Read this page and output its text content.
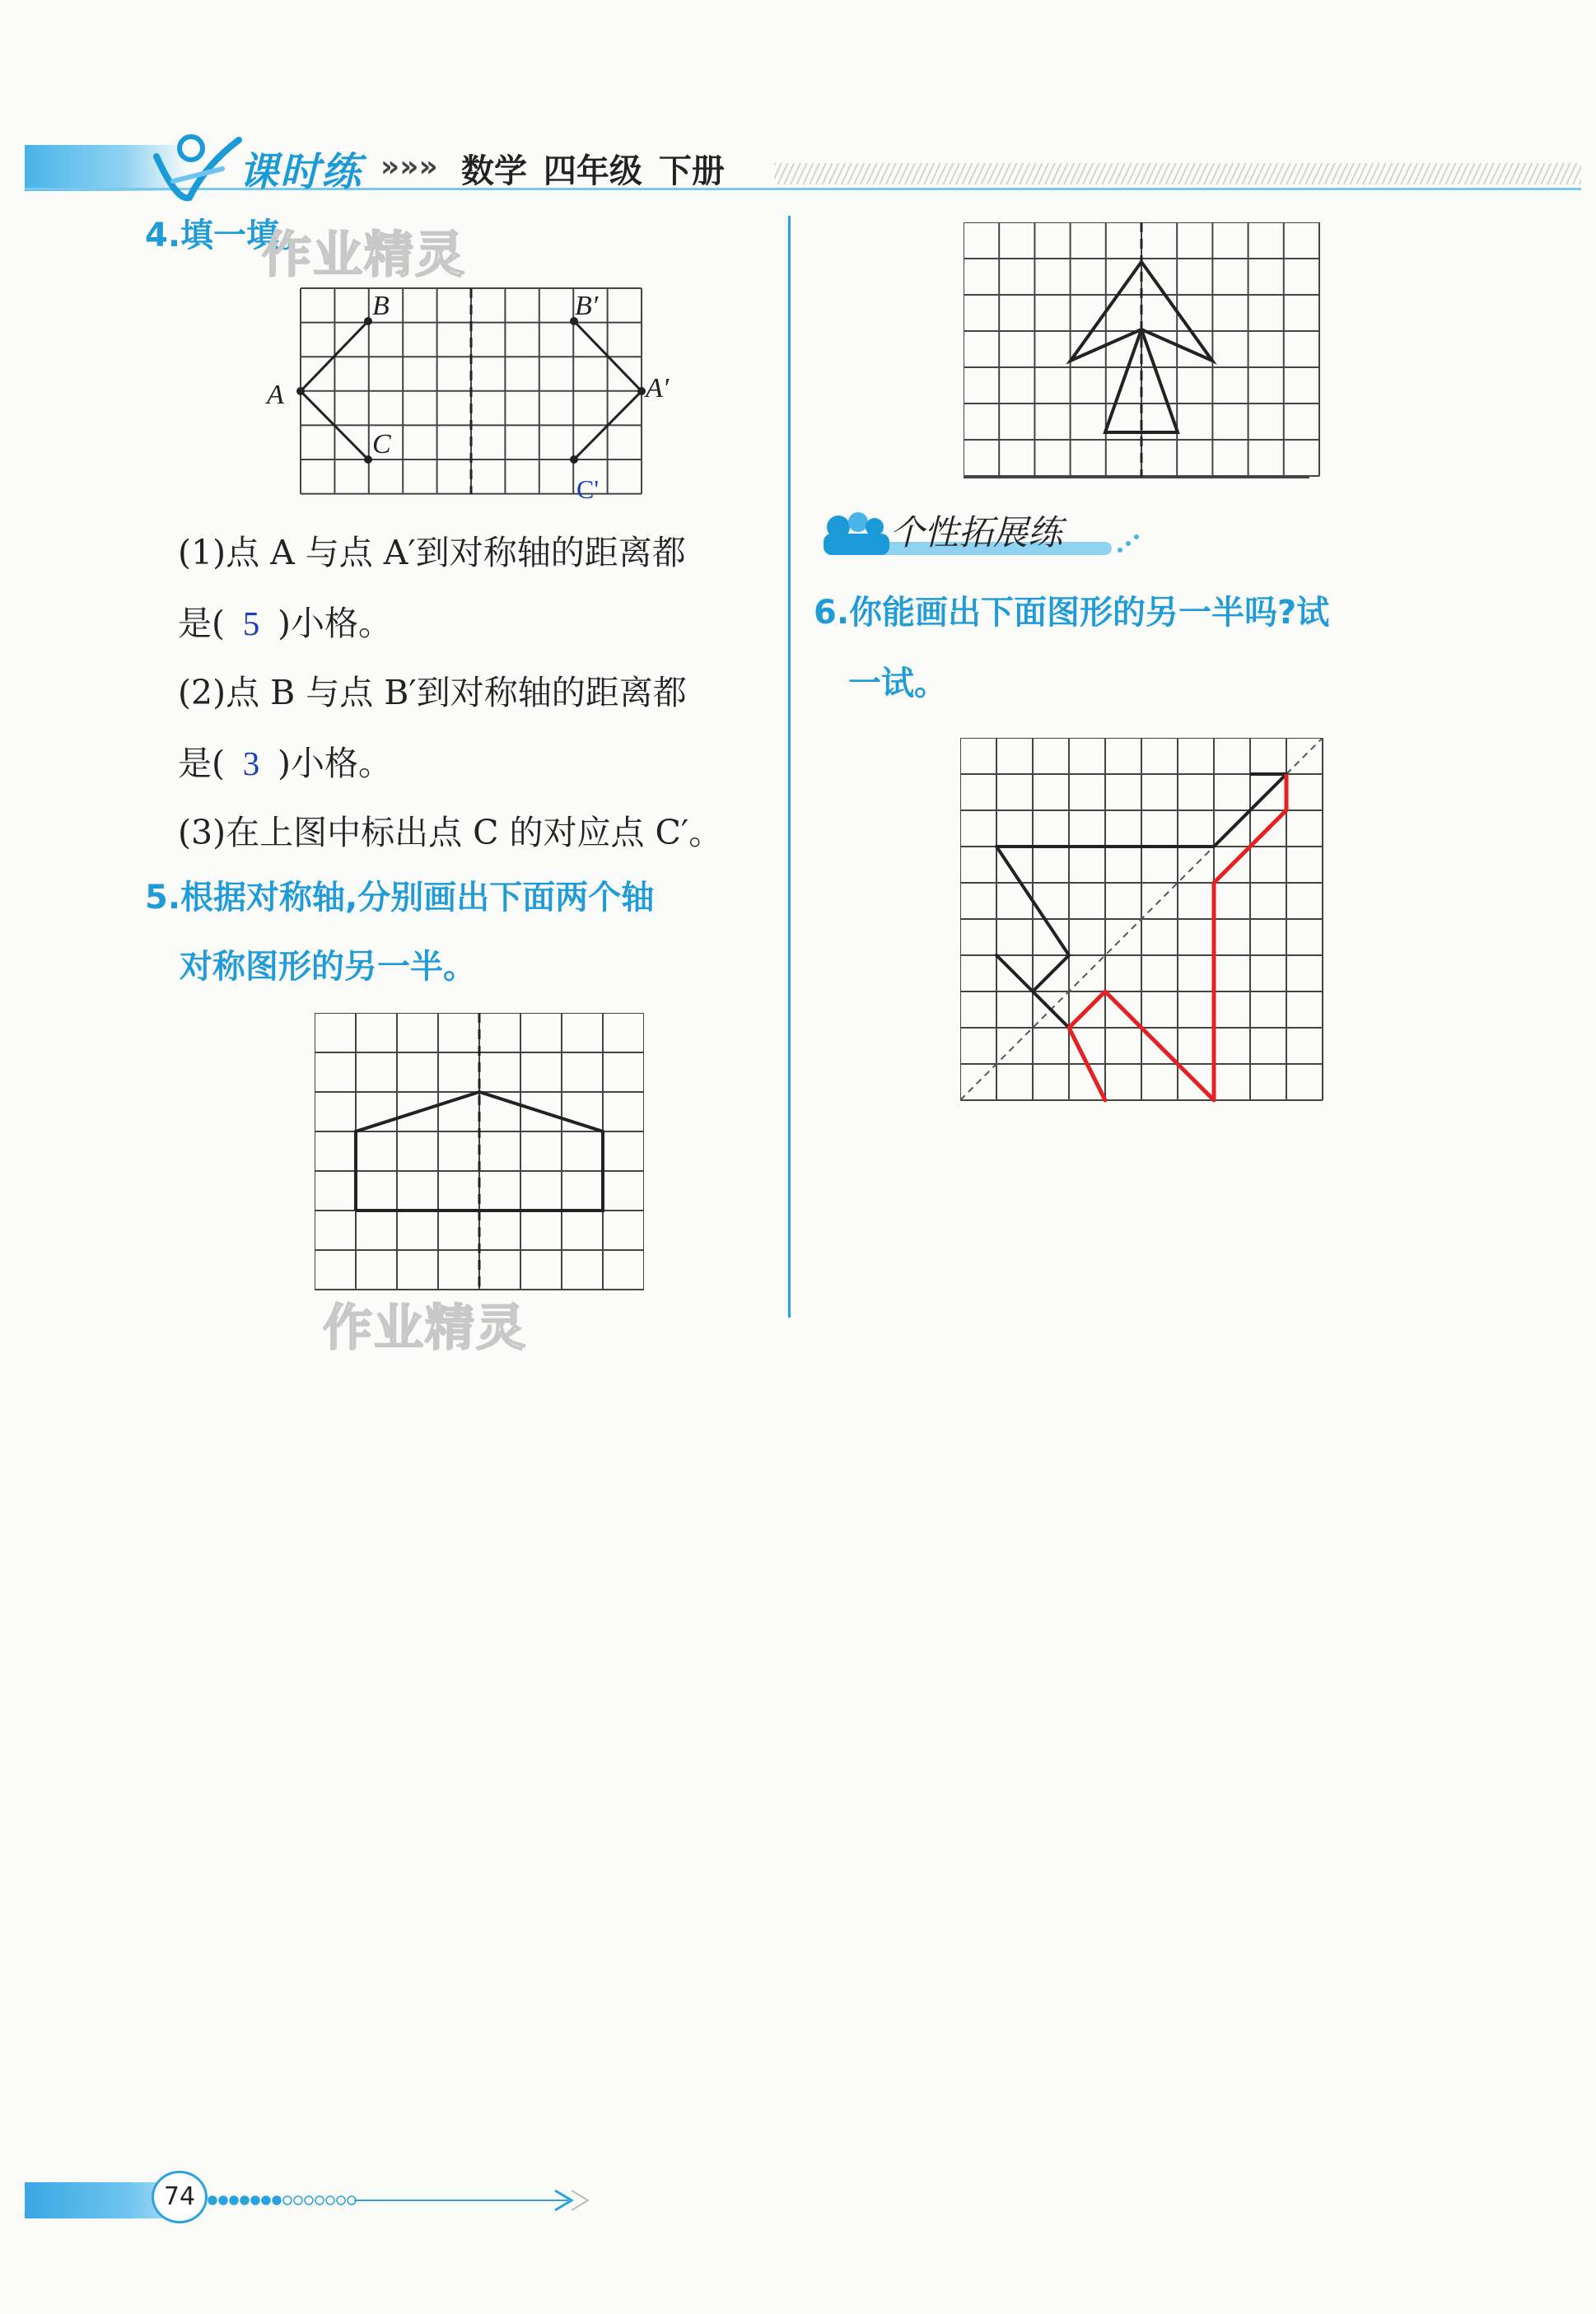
课时练 »»» 数学 四年级 下册
4.填一填。
作业精灵
A
B
C
B′
A′
C'
(1)点 A 与点 A′到对称轴的距离都
是( 5 )小格。
(2)点 B 与点 B′到对称轴的距离都
是( 3 )小格。
(3)在上图中标出点 C 的对应点 C′。
5.根据对称轴,分别画出下面两个轴
对称图形的另一半。
作业精灵
个性拓展练
6.你能画出下面图形的另一半吗?试
一试。
74
